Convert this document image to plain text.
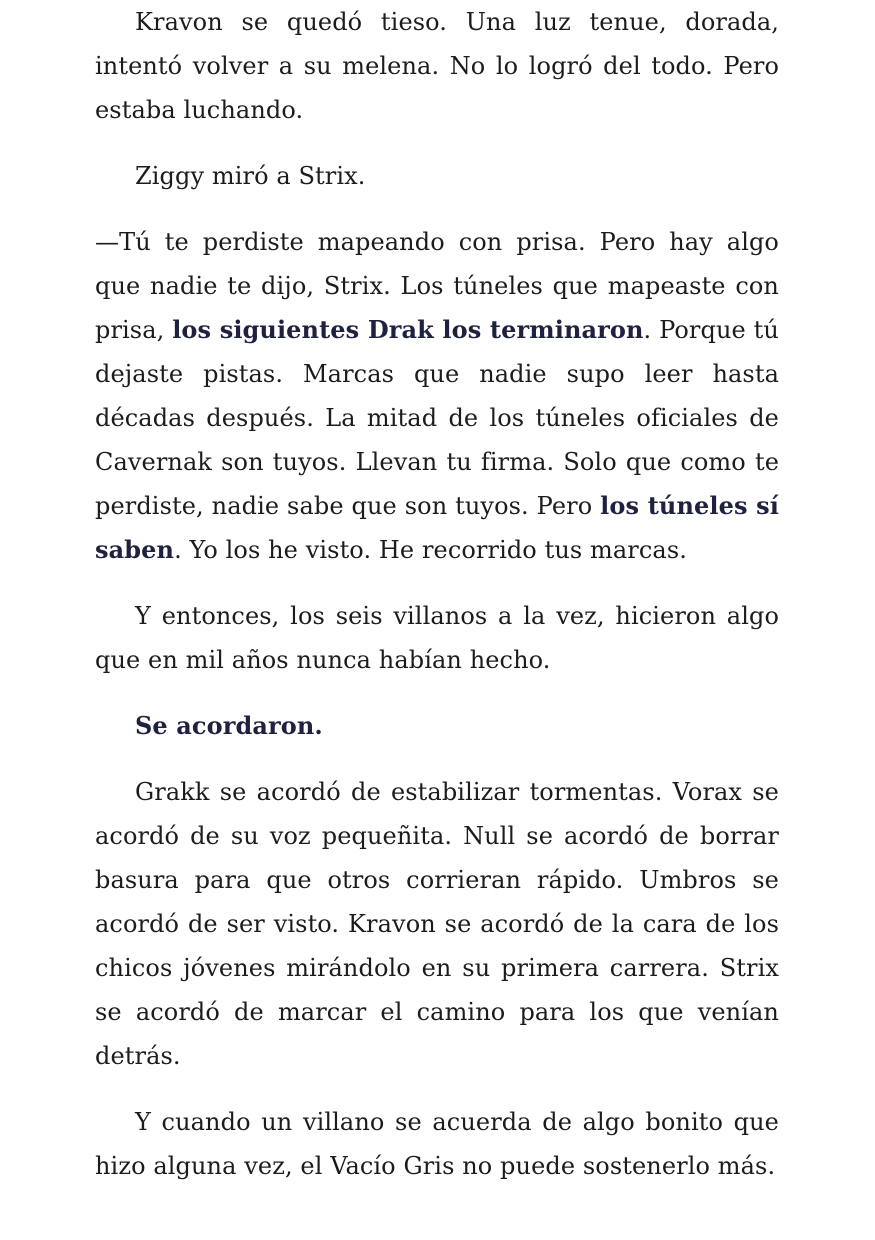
Kravon se quedó tieso. Una luz tenue, dorada, intentó volver a su melena. No lo logró del todo. Pero estaba luchando.

Ziggy miró a Strix.

—Tú te perdiste mapeando con prisa. Pero hay algo que nadie te dijo, Strix. Los túneles que mapeaste con prisa, los siguientes Drak los terminaron. Porque tú dejaste pistas. Marcas que nadie supo leer hasta décadas después. La mitad de los túneles oficiales de Cavernak son tuyos. Llevan tu firma. Solo que como te perdiste, nadie sabe que son tuyos. Pero los túneles sí saben. Yo los he visto. He recorrido tus marcas.

Y entonces, los seis villanos a la vez, hicieron algo que en mil años nunca habían hecho.

Se acordaron.

Grakk se acordó de estabilizar tormentas. Vorax se acordó de su voz pequeñita. Null se acordó de borrar basura para que otros corrieran rápido. Umbros se acordó de ser visto. Kravon se acordó de la cara de los chicos jóvenes mirándolo en su primera carrera. Strix se acordó de marcar el camino para los que venían detrás.

Y cuando un villano se acuerda de algo bonito que hizo alguna vez, el Vacío Gris no puede sostenerlo más.
